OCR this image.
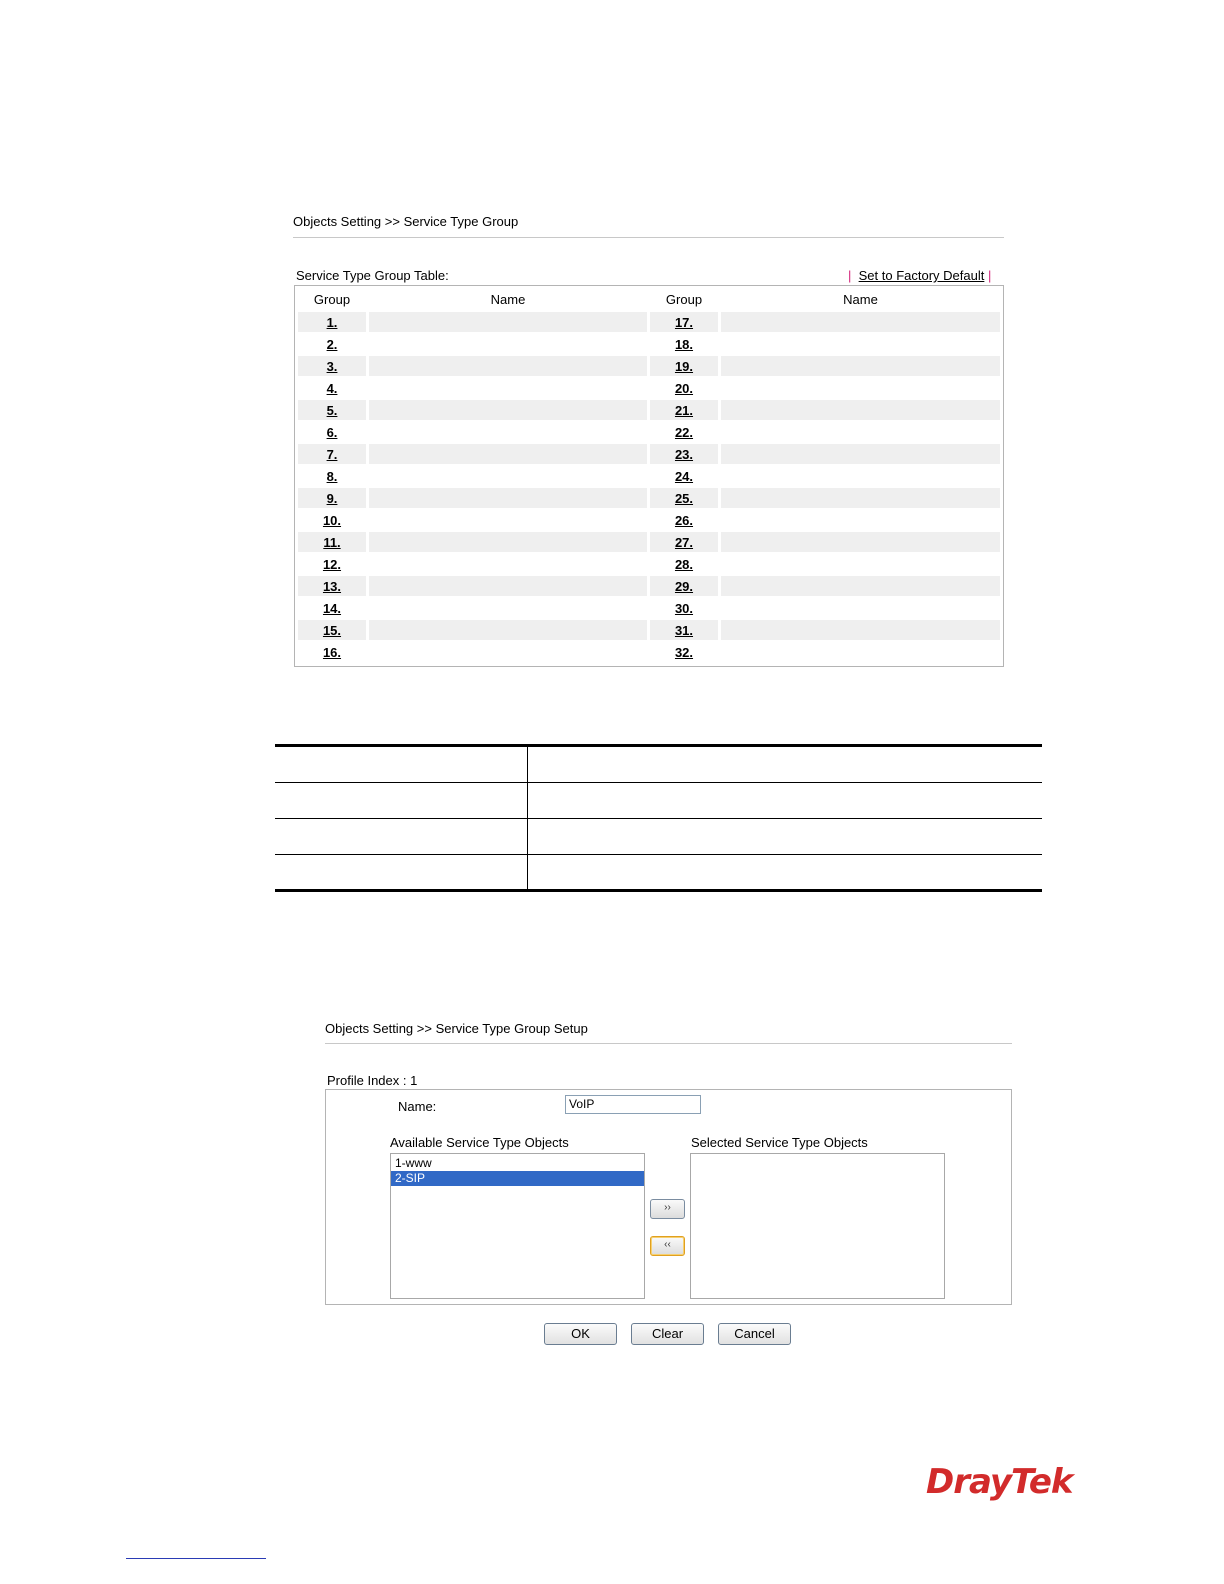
Objects Setting >> Service Type Group
Service Type Group Table:	| Set to Factory Default |
Group	Name	Group	Name
1.		17.	
2.		18.	
3.		19.	
4.		20.	
5.		21.	
6.		22.	
7.		23.	
8.		24.	
9.		25.	
10.		26.	
11.		27.	
12.		28.	
13.		29.	
14.		30.	
15.		31.	
16.		32.	
Objects Setting >> Service Type Group Setup
Profile Index : 1
Name:	VoIP
Available Service Type Objects	Selected Service Type Objects
1-www
2-SIP
››
‹‹
OK	Clear	Cancel
DrayTek
